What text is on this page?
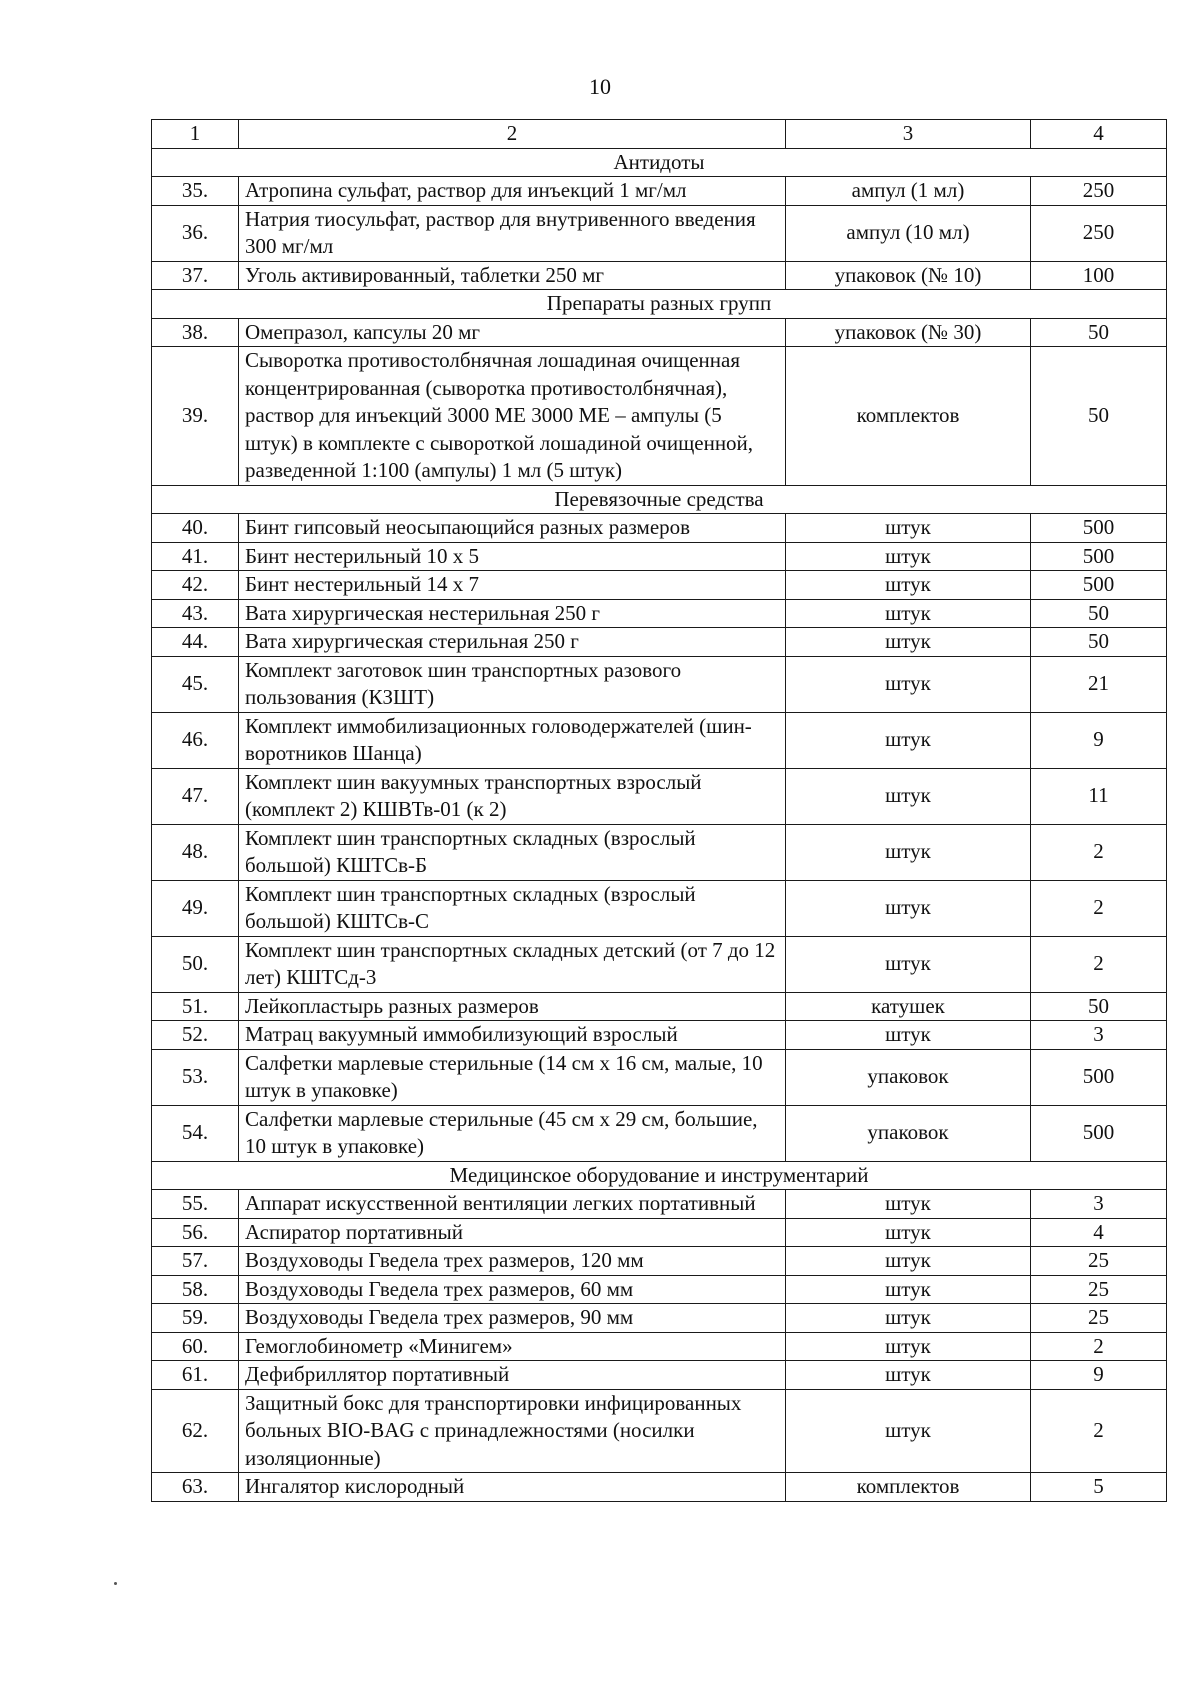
10
1	2	3	4
Антидоты			
35.	Атропина сульфат, раствор для инъекций 1 мг/мл	ампул (1 мл)	250
36.	Натрия тиосульфат, раствор для внутривенного введения 300 мг/мл	ампул (10 мл)	250
37.	Уголь активированный, таблетки 250 мг	упаковок (№ 10)	100
Препараты разных групп			
38.	Омепразол, капсулы 20 мг	упаковок (№ 30)	50
39.	Сыворотка противостолбнячная лошадиная очищенная концентрированная (сыворотка противостолбнячная), раствор для инъекций 3000 МЕ 3000 МЕ – ампулы (5 штук) в комплекте с сывороткой лошадиной очищенной, разведенной 1:100 (ампулы) 1 мл (5 штук)	комплектов	50
Перевязочные средства			
40.	Бинт гипсовый неосыпающийся разных размеров	штук	500
41.	Бинт нестерильный 10 х 5	штук	500
42.	Бинт нестерильный 14 х 7	штук	500
43.	Вата хирургическая нестерильная 250 г	штук	50
44.	Вата хирургическая стерильная 250 г	штук	50
45.	Комплект заготовок шин транспортных разового пользования (КЗШТ)	штук	21
46.	Комплект иммобилизационных головодержателей (шин-воротников Шанца)	штук	9
47.	Комплект шин вакуумных транспортных взрослый (комплект 2) КШВТв-01 (к 2)	штук	11
48.	Комплект шин транспортных складных (взрослый большой) КШТСв-Б	штук	2
49.	Комплект шин транспортных складных (взрослый большой) КШТСв-С	штук	2
50.	Комплект шин транспортных складных детский (от 7 до 12 лет) КШТСд-3	штук	2
51.	Лейкопластырь разных размеров	катушек	50
52.	Матрац вакуумный иммобилизующий взрослый	штук	3
53.	Салфетки марлевые стерильные (14 см х 16 см, малые, 10 штук в упаковке)	упаковок	500
54.	Салфетки марлевые стерильные (45 см х 29 см, большие, 10 штук в упаковке)	упаковок	500
Медицинское оборудование и инструментарий			
55.	Аппарат искусственной вентиляции легких портативный	штук	3
56.	Аспиратор портативный	штук	4
57.	Воздуховоды Гведела трех размеров, 120 мм	штук	25
58.	Воздуховоды Гведела трех размеров, 60 мм	штук	25
59.	Воздуховоды Гведела трех размеров, 90 мм	штук	25
60.	Гемоглобинометр «Минигем»	штук	2
61.	Дефибриллятор портативный	штук	9
62.	Защитный бокс для транспортировки инфицированных больных BIO-BAG с принадлежностями (носилки изоляционные)	штук	2
63.	Ингалятор кислородный	комплектов	5
